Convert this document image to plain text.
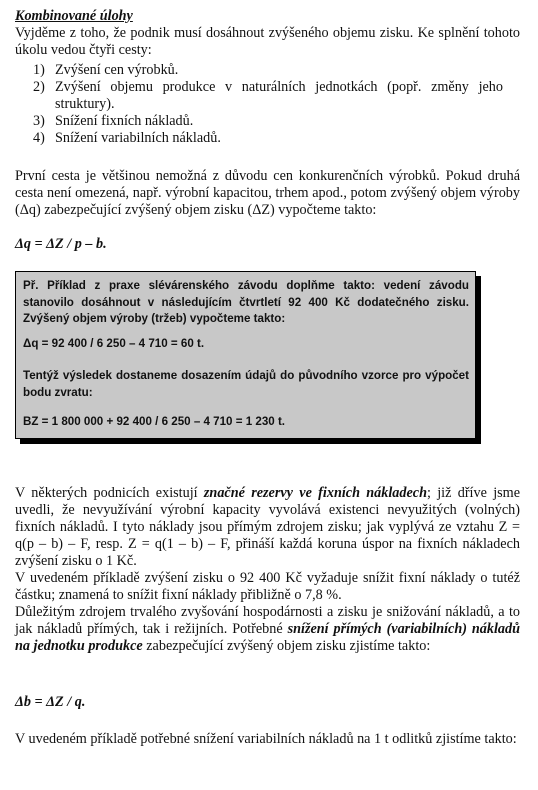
Kombinované úlohy

Vyjděme z toho, že podnik musí dosáhnout zvýšeného objemu zisku. Ke splnění tohoto úkolu vedou čtyři cesty:

1) Zvýšení cen výrobků.
2) Zvýšení objemu produkce v naturálních jednotkách (popř. změny jeho struktury).
3) Snížení fixních nákladů.
4) Snížení variabilních nákladů.

První cesta je většinou nemožná z důvodu cen konkurenčních výrobků. Pokud druhá cesta není omezená, např. výrobní kapacitou, trhem apod., potom zvýšený objem výroby (Δq) zabezpečující zvýšený objem zisku (ΔZ) vypočteme takto:

Δq = ΔZ / p – b.

Př. Příklad z praxe slévárenského závodu doplňme takto: vedení závodu stanovilo dosáhnout v následujícím čtvrtletí 92 400 Kč dodatečného zisku. Zvýšený objem výroby (tržeb) vypočteme takto:

Δq = 92 400 / 6 250 – 4 710 = 60 t.

Tentýž výsledek dostaneme dosazením údajů do původního vzorce pro výpočet bodu zvratu:

BZ = 1 800 000 + 92 400 / 6 250 – 4 710 = 1 230 t.

V některých podnicích existují značné rezervy ve fixních nákladech; již dříve jsme uvedli, že nevyužívání výrobní kapacity vyvolává existenci nevyužitých (volných) fixních nákladů. I tyto náklady jsou přímým zdrojem zisku; jak vyplývá ze vztahu Z = q(p – b) – F, resp. Z = q(1 – b) – F, přináší každá koruna úspor na fixních nákladech zvýšení zisku o 1 Kč.

V uvedeném příkladě zvýšení zisku o 92 400 Kč vyžaduje snížit fixní náklady o tutéž částku; znamená to snížit fixní náklady přibližně o 7,8 %.

Důležitým zdrojem trvalého zvyšování hospodárnosti a zisku je snižování nákladů, a to jak nákladů přímých, tak i režijních. Potřebné snížení přímých (variabilních) nákladů na jednotku produkce zabezpečující zvýšený objem zisku zjistíme takto:

Δb = ΔZ / q.

V uvedeném příkladě potřebné snížení variabilních nákladů na 1 t odlitků zjistíme takto:
